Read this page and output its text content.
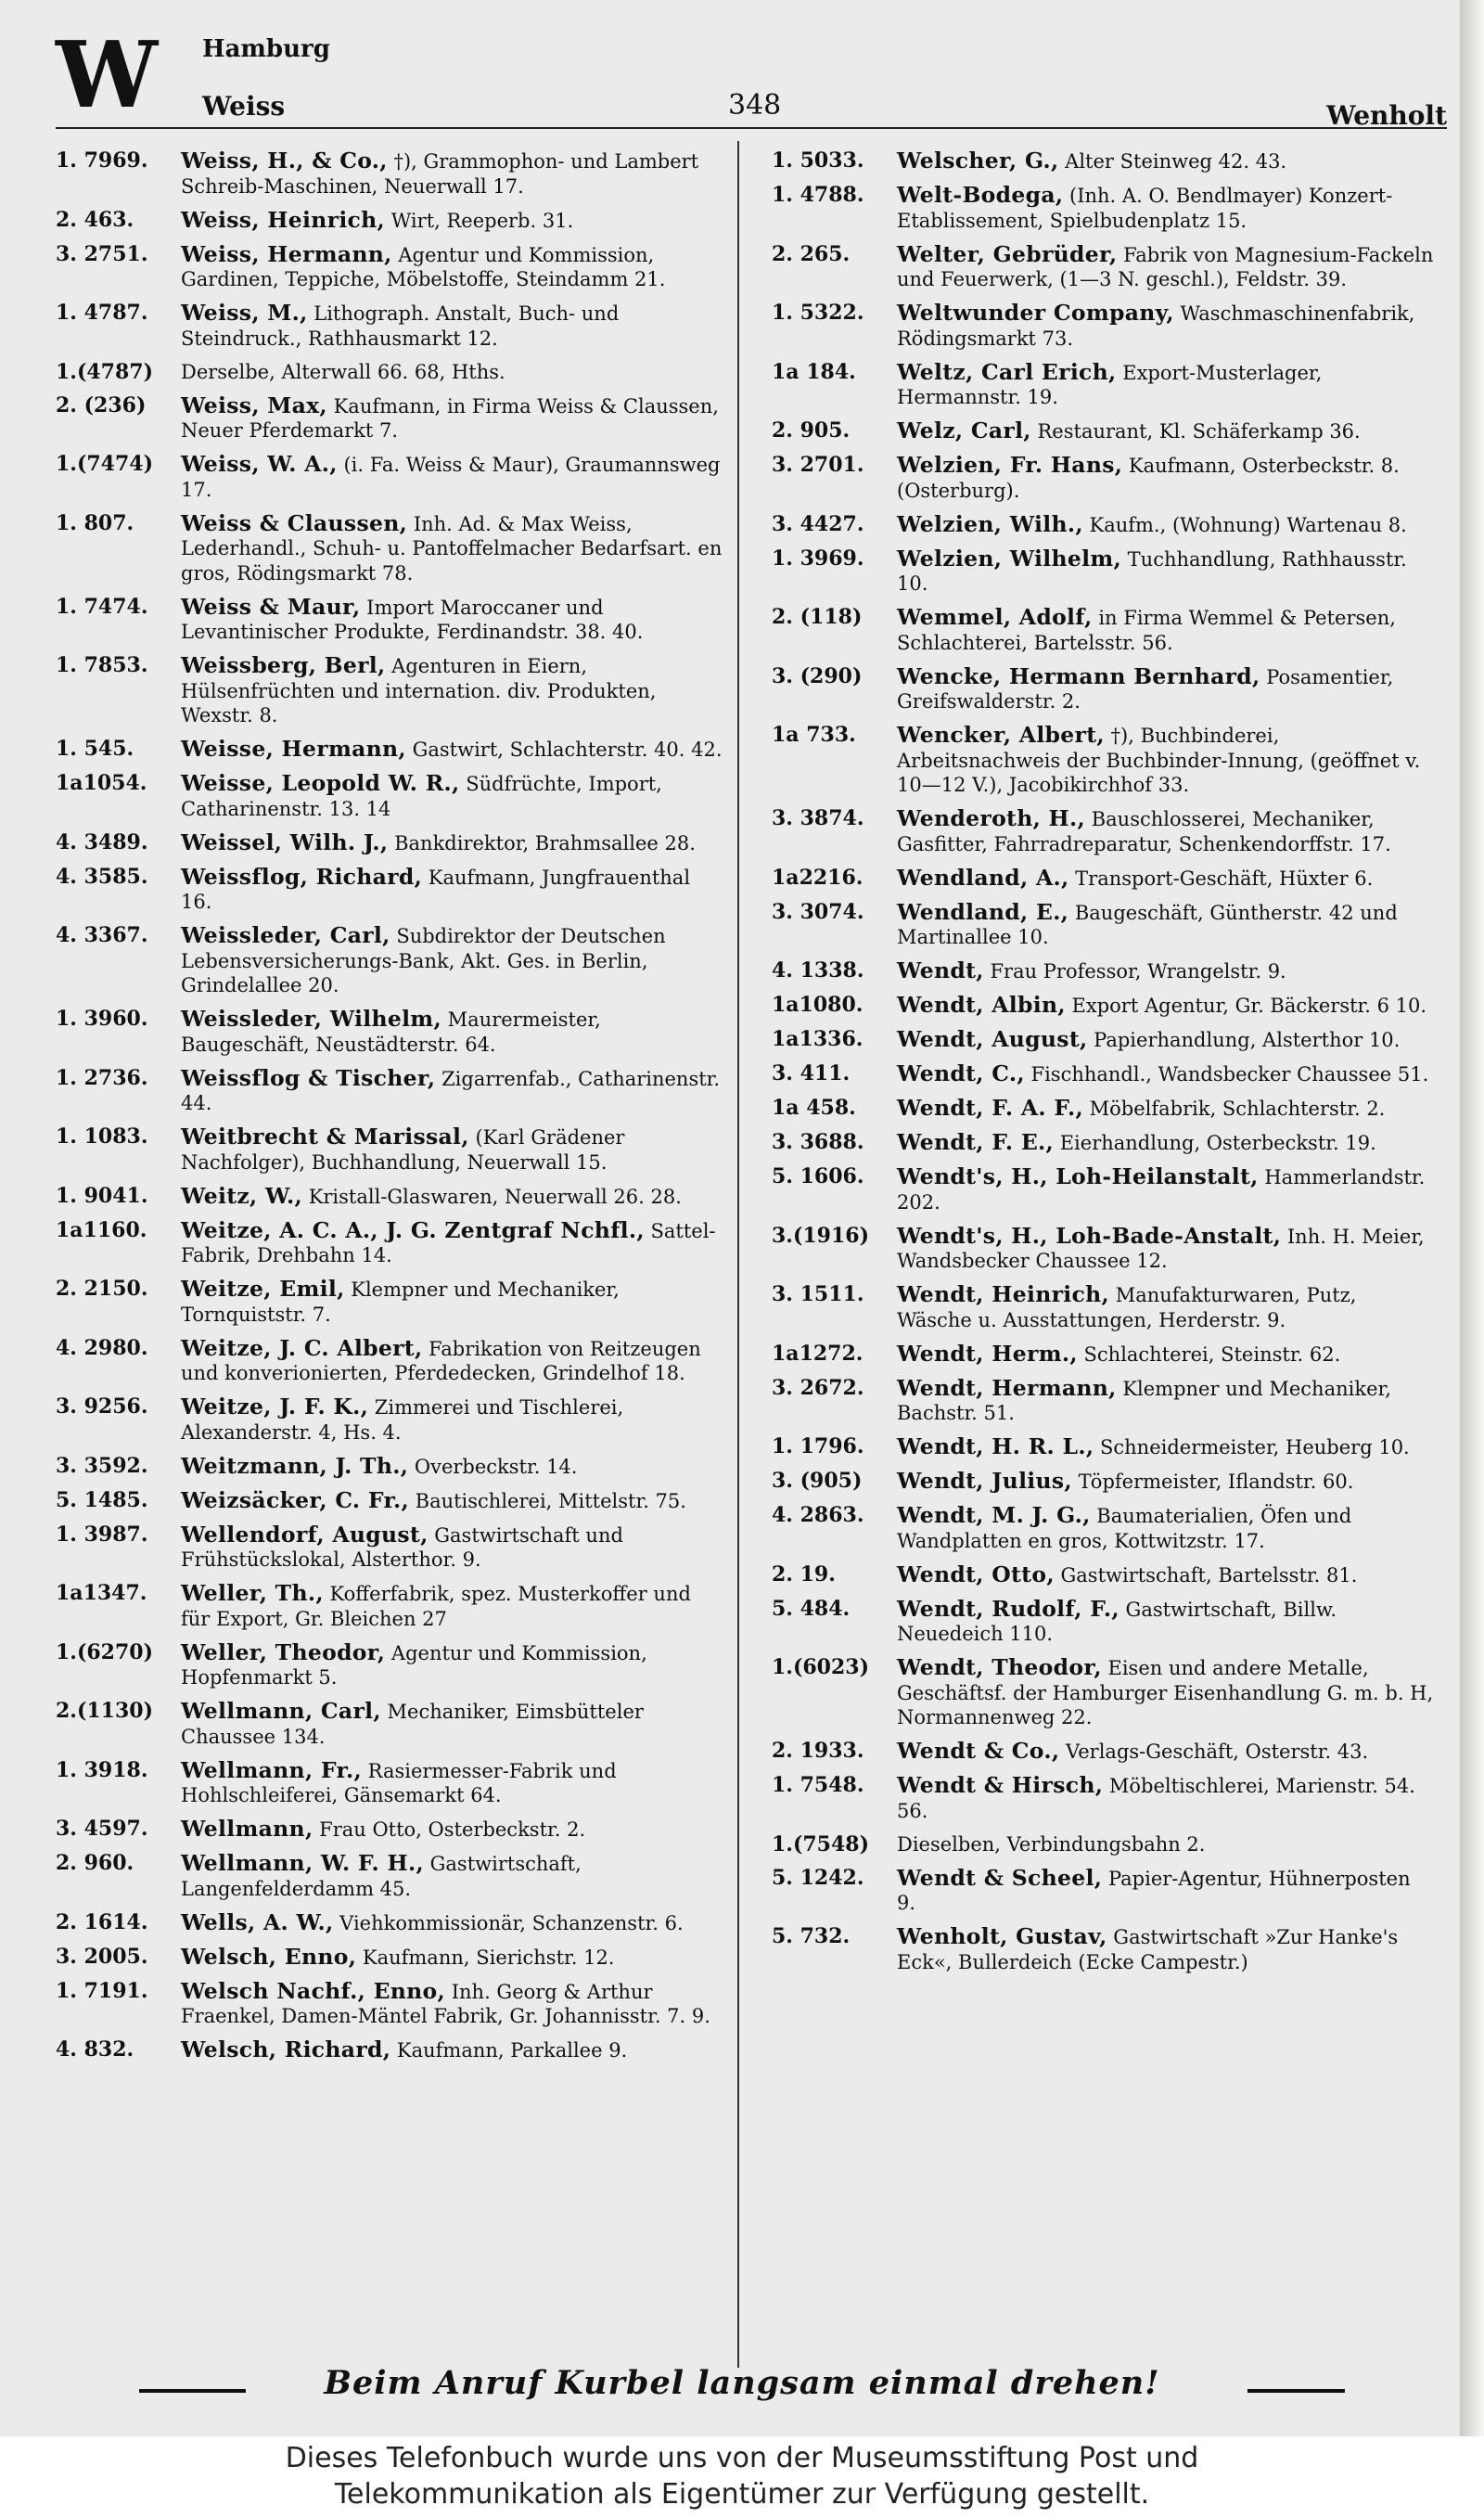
W Hamburg
Weiss	348	Wenholt
1. 7969.	Weiss, H., & Co., †), Grammophon- und Lambert Schreib-Maschinen, Neuerwall 17.
2. 463.	Weiss, Heinrich, Wirt, Reeperb. 31.
3. 2751.	Weiss, Hermann, Agentur und Kommission, Gardinen, Teppiche, Möbelstoffe, Steindamm 21.
1. 4787.	Weiss, M., Lithograph. Anstalt, Buch- und Steindruck., Rathhausmarkt 12.
1.(4787)	Derselbe, Alterwall 66. 68, Hths.
2. (236)	Weiss, Max, Kaufmann, in Firma Weiss & Claussen, Neuer Pferdemarkt 7.
1.(7474)	Weiss, W. A., (i. Fa. Weiss & Maur), Graumannsweg 17.
1. 807.	Weiss & Claussen, Inh. Ad. & Max Weiss, Lederhandl., Schuh- u. Pantoffelmacher Bedarfsart. en gros, Rödingsmarkt 78.
1. 7474.	Weiss & Maur, Import Maroccaner und Levantinischer Produkte, Ferdinandstr. 38. 40.
1. 7853.	Weissberg, Berl, Agenturen in Eiern, Hülsenfrüchten und internation. div. Produkten, Wexstr. 8.
1. 545.	Weisse, Hermann, Gastwirt, Schlachterstr. 40. 42.
1a1054.	Weisse, Leopold W. R., Südfrüchte, Import, Catharinenstr. 13. 14
4. 3489.	Weissel, Wilh. J., Bankdirektor, Brahmsallee 28.
4. 3585.	Weissflog, Richard, Kaufmann, Jungfrauenthal 16.
4. 3367.	Weissleder, Carl, Subdirektor der Deutschen Lebensversicherungs-Bank, Akt. Ges. in Berlin, Grindelallee 20.
1. 3960.	Weissleder, Wilhelm, Maurermeister, Baugeschäft, Neustädterstr. 64.
1. 2736.	Weissflog & Tischer, Zigarrenfab., Catharinenstr. 44.
1. 1083.	Weitbrecht & Marissal, (Karl Grädener Nachfolger), Buchhandlung, Neuerwall 15.
1. 9041.	Weitz, W., Kristall-Glaswaren, Neuerwall 26. 28.
1a1160.	Weitze, A. C. A., J. G. Zentgraf Nchfl., Sattel-Fabrik, Drehbahn 14.
2. 2150.	Weitze, Emil, Klempner und Mechaniker, Tornquiststr. 7.
4. 2980.	Weitze, J. C. Albert, Fabrikation von Reitzeugen und konverionierten, Pferdedecken, Grindelhof 18.
3. 9256.	Weitze, J. F. K., Zimmerei und Tischlerei, Alexanderstr. 4, Hs. 4.
3. 3592.	Weitzmann, J. Th., Overbeckstr. 14.
5. 1485.	Weizsäcker, C. Fr., Bautischlerei, Mittelstr. 75.
1. 3987.	Wellendorf, August, Gastwirtschaft und Frühstückslokal, Alsterthor. 9.
1a1347.	Weller, Th., Kofferfabrik, spez. Musterkoffer und für Export, Gr. Bleichen 27
1.(6270)	Weller, Theodor, Agentur und Kommission, Hopfenmarkt 5.
2.(1130)	Wellmann, Carl, Mechaniker, Eimsbütteler Chaussee 134.
1. 3918.	Wellmann, Fr., Rasiermesser-Fabrik und Hohlschleiferei, Gänsemarkt 64.
3. 4597.	Wellmann, Frau Otto, Osterbeckstr. 2.
2. 960.	Wellmann, W. F. H., Gastwirtschaft, Langenfelderdamm 45.
2. 1614.	Wells, A. W., Viehkommissionär, Schanzenstr. 6.
3. 2005.	Welsch, Enno, Kaufmann, Sierichstr. 12.
1. 7191.	Welsch Nachf., Enno, Inh. Georg & Arthur Fraenkel, Damen-Mäntel Fabrik, Gr. Johannisstr. 7. 9.
4. 832.	Welsch, Richard, Kaufmann, Parkallee 9.
1. 5033.	Welscher, G., Alter Steinweg 42. 43.
1. 4788.	Welt-Bodega, (Inh. A. O. Bendlmayer) Konzert-Etablissement, Spielbudenplatz 15.
2. 265.	Welter, Gebrüder, Fabrik von Magnesium-Fackeln und Feuerwerk, (1—3 N. geschl.), Feldstr. 39.
1. 5322.	Weltwunder Company, Waschmaschinenfabrik, Rödingsmarkt 73.
1a 184.	Weltz, Carl Erich, Export-Musterlager, Hermannstr. 19.
2. 905.	Welz, Carl, Restaurant, Kl. Schäferkamp 36.
3. 2701.	Welzien, Fr. Hans, Kaufmann, Osterbeckstr. 8. (Osterburg).
3. 4427.	Welzien, Wilh., Kaufm., (Wohnung) Wartenau 8.
1. 3969.	Welzien, Wilhelm, Tuchhandlung, Rathhausstr. 10.
2. (118)	Wemmel, Adolf, in Firma Wemmel & Petersen, Schlachterei, Bartelsstr. 56.
3. (290)	Wencke, Hermann Bernhard, Posamentier, Greifswalderstr. 2.
1a 733.	Wencker, Albert, †), Buchbinderei, Arbeitsnachweis der Buchbinder-Innung, (geöffnet v. 10—12 V.), Jacobikirchhof 33.
3. 3874.	Wenderoth, H., Bauschlosserei, Mechaniker, Gasfitter, Fahrradreparatur, Schenkendorffstr. 17.
1a2216.	Wendland, A., Transport-Geschäft, Hüxter 6.
3. 3074.	Wendland, E., Baugeschäft, Güntherstr. 42 und Martinallee 10.
4. 1338.	Wendt, Frau Professor, Wrangelstr. 9.
1a1080.	Wendt, Albin, Export Agentur, Gr. Bäckerstr. 6 10.
1a1336.	Wendt, August, Papierhandlung, Alsterthor 10.
3. 411.	Wendt, C., Fischhandl., Wandsbecker Chaussee 51.
1a 458.	Wendt, F. A. F., Möbelfabrik, Schlachterstr. 2.
3. 3688.	Wendt, F. E., Eierhandlung, Osterbeckstr. 19.
5. 1606.	Wendt's, H., Loh-Heilanstalt, Hammerlandstr. 202.
3.(1916)	Wendt's, H., Loh-Bade-Anstalt, Inh. H. Meier, Wandsbecker Chaussee 12.
3. 1511.	Wendt, Heinrich, Manufakturwaren, Putz, Wäsche u. Ausstattungen, Herderstr. 9.
1a1272.	Wendt, Herm., Schlachterei, Steinstr. 62.
3. 2672.	Wendt, Hermann, Klempner und Mechaniker, Bachstr. 51.
1. 1796.	Wendt, H. R. L., Schneidermeister, Heuberg 10.
3. (905)	Wendt, Julius, Töpfermeister, Iflandstr. 60.
4. 2863.	Wendt, M. J. G., Baumaterialien, Öfen und Wandplatten en gros, Kottwitzstr. 17.
2. 19.	Wendt, Otto, Gastwirtschaft, Bartelsstr. 81.
5. 484.	Wendt, Rudolf, F., Gastwirtschaft, Billw. Neuedeich 110.
1.(6023)	Wendt, Theodor, Eisen und andere Metalle, Geschäftsf. der Hamburger Eisenhandlung G. m. b. H, Normannenweg 22.
2. 1933.	Wendt & Co., Verlags-Geschäft, Osterstr. 43.
1. 7548.	Wendt & Hirsch, Möbeltischlerei, Marienstr. 54. 56.
1.(7548)	Dieselben, Verbindungsbahn 2.
5. 1242.	Wendt & Scheel, Papier-Agentur, Hühnerposten 9.
5. 732.	Wenholt, Gustav, Gastwirtschaft »Zur Hanke's Eck«, Bullerdeich (Ecke Campestr.)
Beim Anruf Kurbel langsam einmal drehen!
Dieses Telefonbuch wurde uns von der Museumsstiftung Post und
Telekommunikation als Eigentümer zur Verfügung gestellt.
